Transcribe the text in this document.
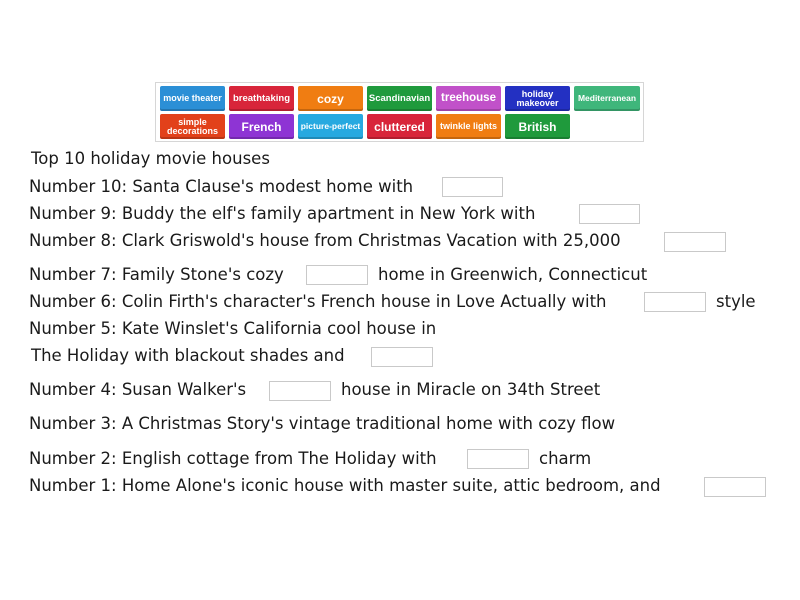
movie theater	breathtaking	cozy	Scandinavian treehouse	holiday makeover	Mediterranean
simple decorations	French	picture-perfect	cluttered	twinkle lights	British
Top 10 holiday movie houses
Number 10: Santa Clause's modest home with
Number 9: Buddy the elf's family apartment in New York with
Number 8: Clark Griswold's house from Christmas Vacation with 25,000
Number 7: Family Stone's cozy	home in Greenwich, Connecticut
Number 6: Colin Firth's character's French house in Love Actually with	style
Number 5: Kate Winslet's California cool house in
The Holiday with blackout shades and
Number 4: Susan Walker's	house in Miracle on 34th Street
Number 3: A Christmas Story's vintage traditional home with cozy flow
Number 2: English cottage from The Holiday with	charm
Number 1: Home Alone's iconic house with master suite, attic bedroom, and
